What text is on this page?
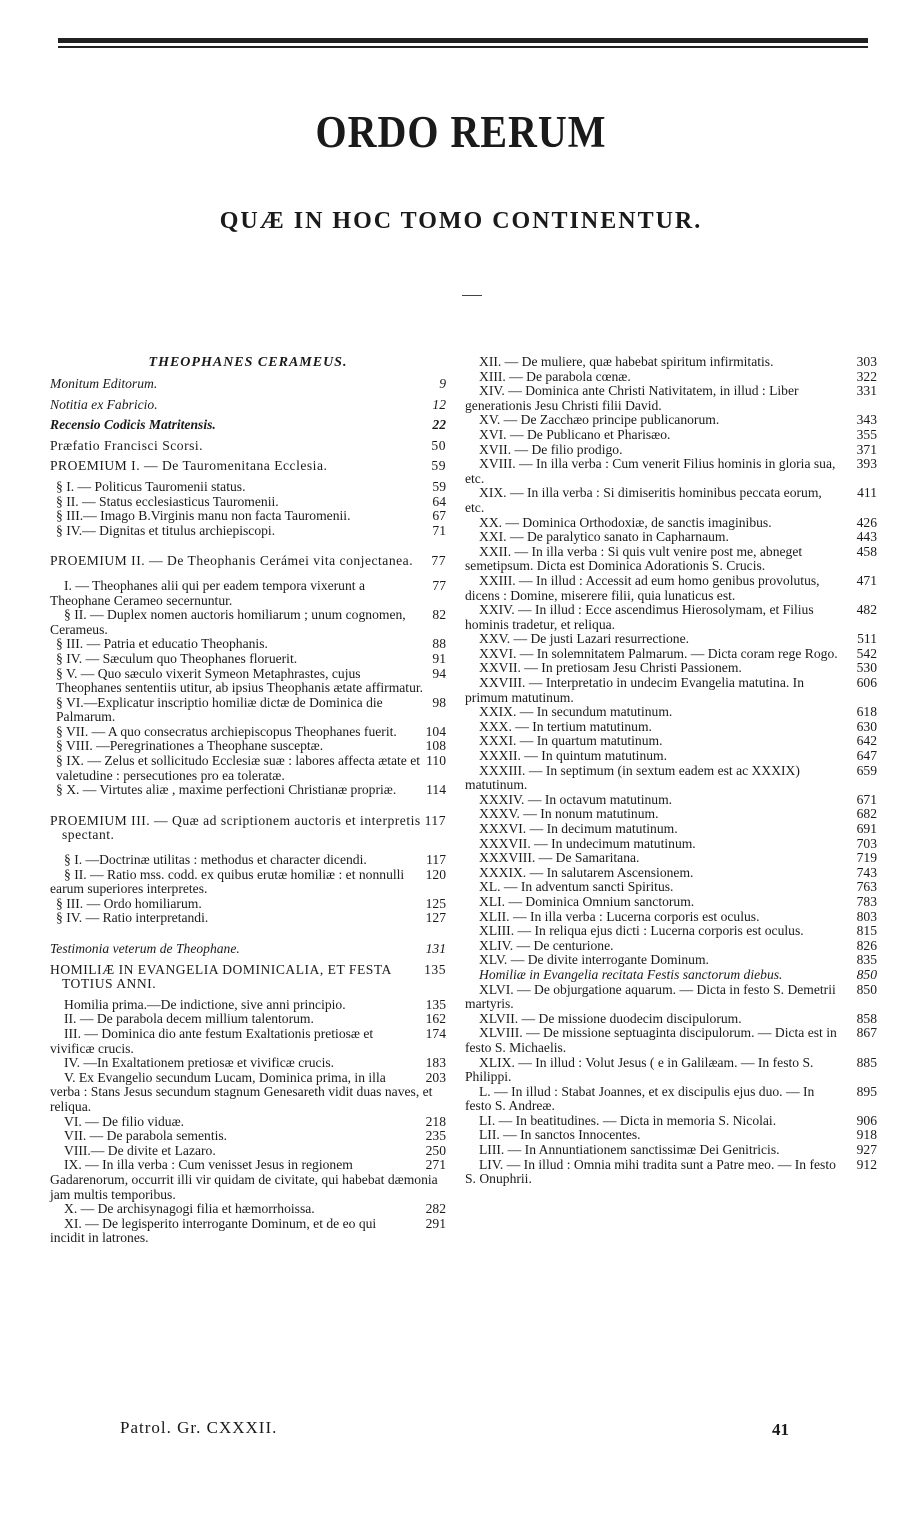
ORDO RERUM
QUÆ IN HOC TOMO CONTINENTUR.
THEOPHANES CERAMEUS.
9
Monitum Editorum.
12
Notitia ex Fabricio.
22
Recensio Codicis Matritensis.
50
Præfatio Francisci Scorsi.
59
PROEMIUM I. — De Tauromenitana Ecclesia.
59
§ I. — Politicus Tauromenii status.
64
§ II. — Status ecclesiasticus Tauromenii.
67
§ III.— Imago B.Virginis manu non facta Tauromenii.
71
§ IV.— Dignitas et titulus archiepiscopi.
77
PROEMIUM II. — De Theophanis Cerámei vita conjectanea.
77
I. — Theophanes alii qui per eadem tempora vixerunt a Theophane Cerameo secernuntur.
82
§ II. — Duplex nomen auctoris homiliarum ; unum cognomen, Cerameus.
88
§ III. — Patria et educatio Theophanis.
91
§ IV. — Sæculum quo Theophanes floruerit.
94
§ V. — Quo sæculo vixerit Symeon Metaphrastes, cujus Theophanes sententiis utitur, ab ipsius Theophanis ætate affirmatur.
98
§ VI.—Explicatur inscriptio homiliæ dictæ de Dominica die Palmarum.
104
§ VII. — A quo consecratus archiepiscopus Theophanes fuerit.
108
§ VIII. —Peregrinationes a Theophane susceptæ.
110
§ IX. — Zelus et sollicitudo Ecclesiæ suæ : labores affecta ætate et valetudine : persecutiones pro ea toleratæ.
114
§ X. — Virtutes aliæ , maxime perfectioni Christianæ propriæ.
117
PROEMIUM III. — Quæ ad scriptionem auctoris et interpretis spectant.
117
§ I. —Doctrinæ utilitas : methodus et character dicendi.
120
§ II. — Ratio mss. codd. ex quibus erutæ homiliæ : et nonnulli earum superiores interpretes.
125
§ III. — Ordo homiliarum.
127
§ IV. — Ratio interpretandi.
131
Testimonia veterum de Theophane.
135
HOMILIÆ IN EVANGELIA DOMINICALIA, ET FESTA TOTIUS ANNI.
135
Homilia prima.—De indictione, sive anni principio.
162
II. — De parabola decem millium talentorum.
174
III. — Dominica dio ante festum Exaltationis pretiosæ et vivificæ crucis.
183
IV. —In Exaltationem pretiosæ et vivificæ crucis.
203
V. Ex Evangelio secundum Lucam, Dominica prima, in illa verba : Stans Jesus secundum stagnum Genesareth vidit duas naves, et reliqua.
218
VI. — De filio viduæ.
235
VII. — De parabola sementis.
250
VIII.— De divite et Lazaro.
271
IX. — In illa verba : Cum venisset Jesus in regionem Gadarenorum, occurrit illi vir quidam de civitate, qui habebat dæmonia jam multis temporibus.
282
X. — De archisynagogi filia et hæmorrhoissa.
291
XI. — De legisperito interrogante Dominum, et de eo qui incidit in latrones.
303
XII. — De muliere, quæ habebat spiritum infirmitatis.
322
XIII. — De parabola cœnæ.
331
XIV. — Dominica ante Christi Nativitatem, in illud : Liber generationis Jesu Christi filii David.
343
XV. — De Zacchæo principe publicanorum.
355
XVI. — De Publicano et Pharisæo.
371
XVII. — De filio prodigo.
393
XVIII. — In illa verba : Cum venerit Filius hominis in gloria sua, etc.
411
XIX. — In illa verba : Si dimiseritis hominibus peccata eorum, etc.
426
XX. — Dominica Orthodoxiæ, de sanctis imaginibus.
443
XXI. — De paralytico sanato in Capharnaum.
458
XXII. — In illa verba : Si quis vult venire post me, abneget semetipsum. Dicta est Dominica Adorationis S. Crucis.
471
XXIII. — In illud : Accessit ad eum homo genibus provolutus, dicens : Domine, miserere filii, quia lunaticus est.
482
XXIV. — In illud : Ecce ascendimus Hierosolymam, et Filius hominis tradetur, et reliqua.
511
XXV. — De justi Lazari resurrectione.
542
XXVI. — In solemnitatem Palmarum. — Dicta coram rege Rogo.
530
XXVII. — In pretiosam Jesu Christi Passionem.
606
XXVIII. — Interpretatio in undecim Evangelia matutina. In primum matutinum.
618
XXIX. — In secundum matutinum.
630
XXX. — In tertium matutinum.
642
XXXI. — In quartum matutinum.
647
XXXII. — In quintum matutinum.
659
XXXIII. — In septimum (in sextum eadem est ac XXXIX) matutinum.
671
XXXIV. — In octavum matutinum.
682
XXXV. — In nonum matutinum.
691
XXXVI. — In decimum matutinum.
703
XXXVII. — In undecimum matutinum.
719
XXXVIII. — De Samaritana.
743
XXXIX. — In salutarem Ascensionem.
763
XL. — In adventum sancti Spiritus.
783
XLI. — Dominica Omnium sanctorum.
803
XLII. — In illa verba : Lucerna corporis est oculus.
815
XLIII. — In reliqua ejus dicti : Lucerna corporis est oculus.
826
XLIV. — De centurione.
835
XLV. — De divite interrogante Dominum.
850
Homiliæ in Evangelia recitata Festis sanctorum diebus.
850
XLVI. — De objurgatione aquarum. — Dicta in festo S. Demetrii martyris.
858
XLVII. — De missione duodecim discipulorum.
867
XLVIII. — De missione septuaginta discipulorum. — Dicta est in festo S. Michaelis.
885
XLIX. — In illud : Volut Jesus ( e in Galilæam. — In festo S. Philippi.
895
L. — In illud : Stabat Joannes, et ex discipulis ejus duo. — In festo S. Andreæ.
906
LI. — In beatitudines. — Dicta in memoria S. Nicolai.
918
LII. — In sanctos Innocentes.
927
LIII. — In Annuntiationem sanctissimæ Dei Genitricis.
912
LIV. — In illud : Omnia mihi tradita sunt a Patre meo. — In festo S. Onuphrii.
Patrol. Gr. CXXXII.	41
